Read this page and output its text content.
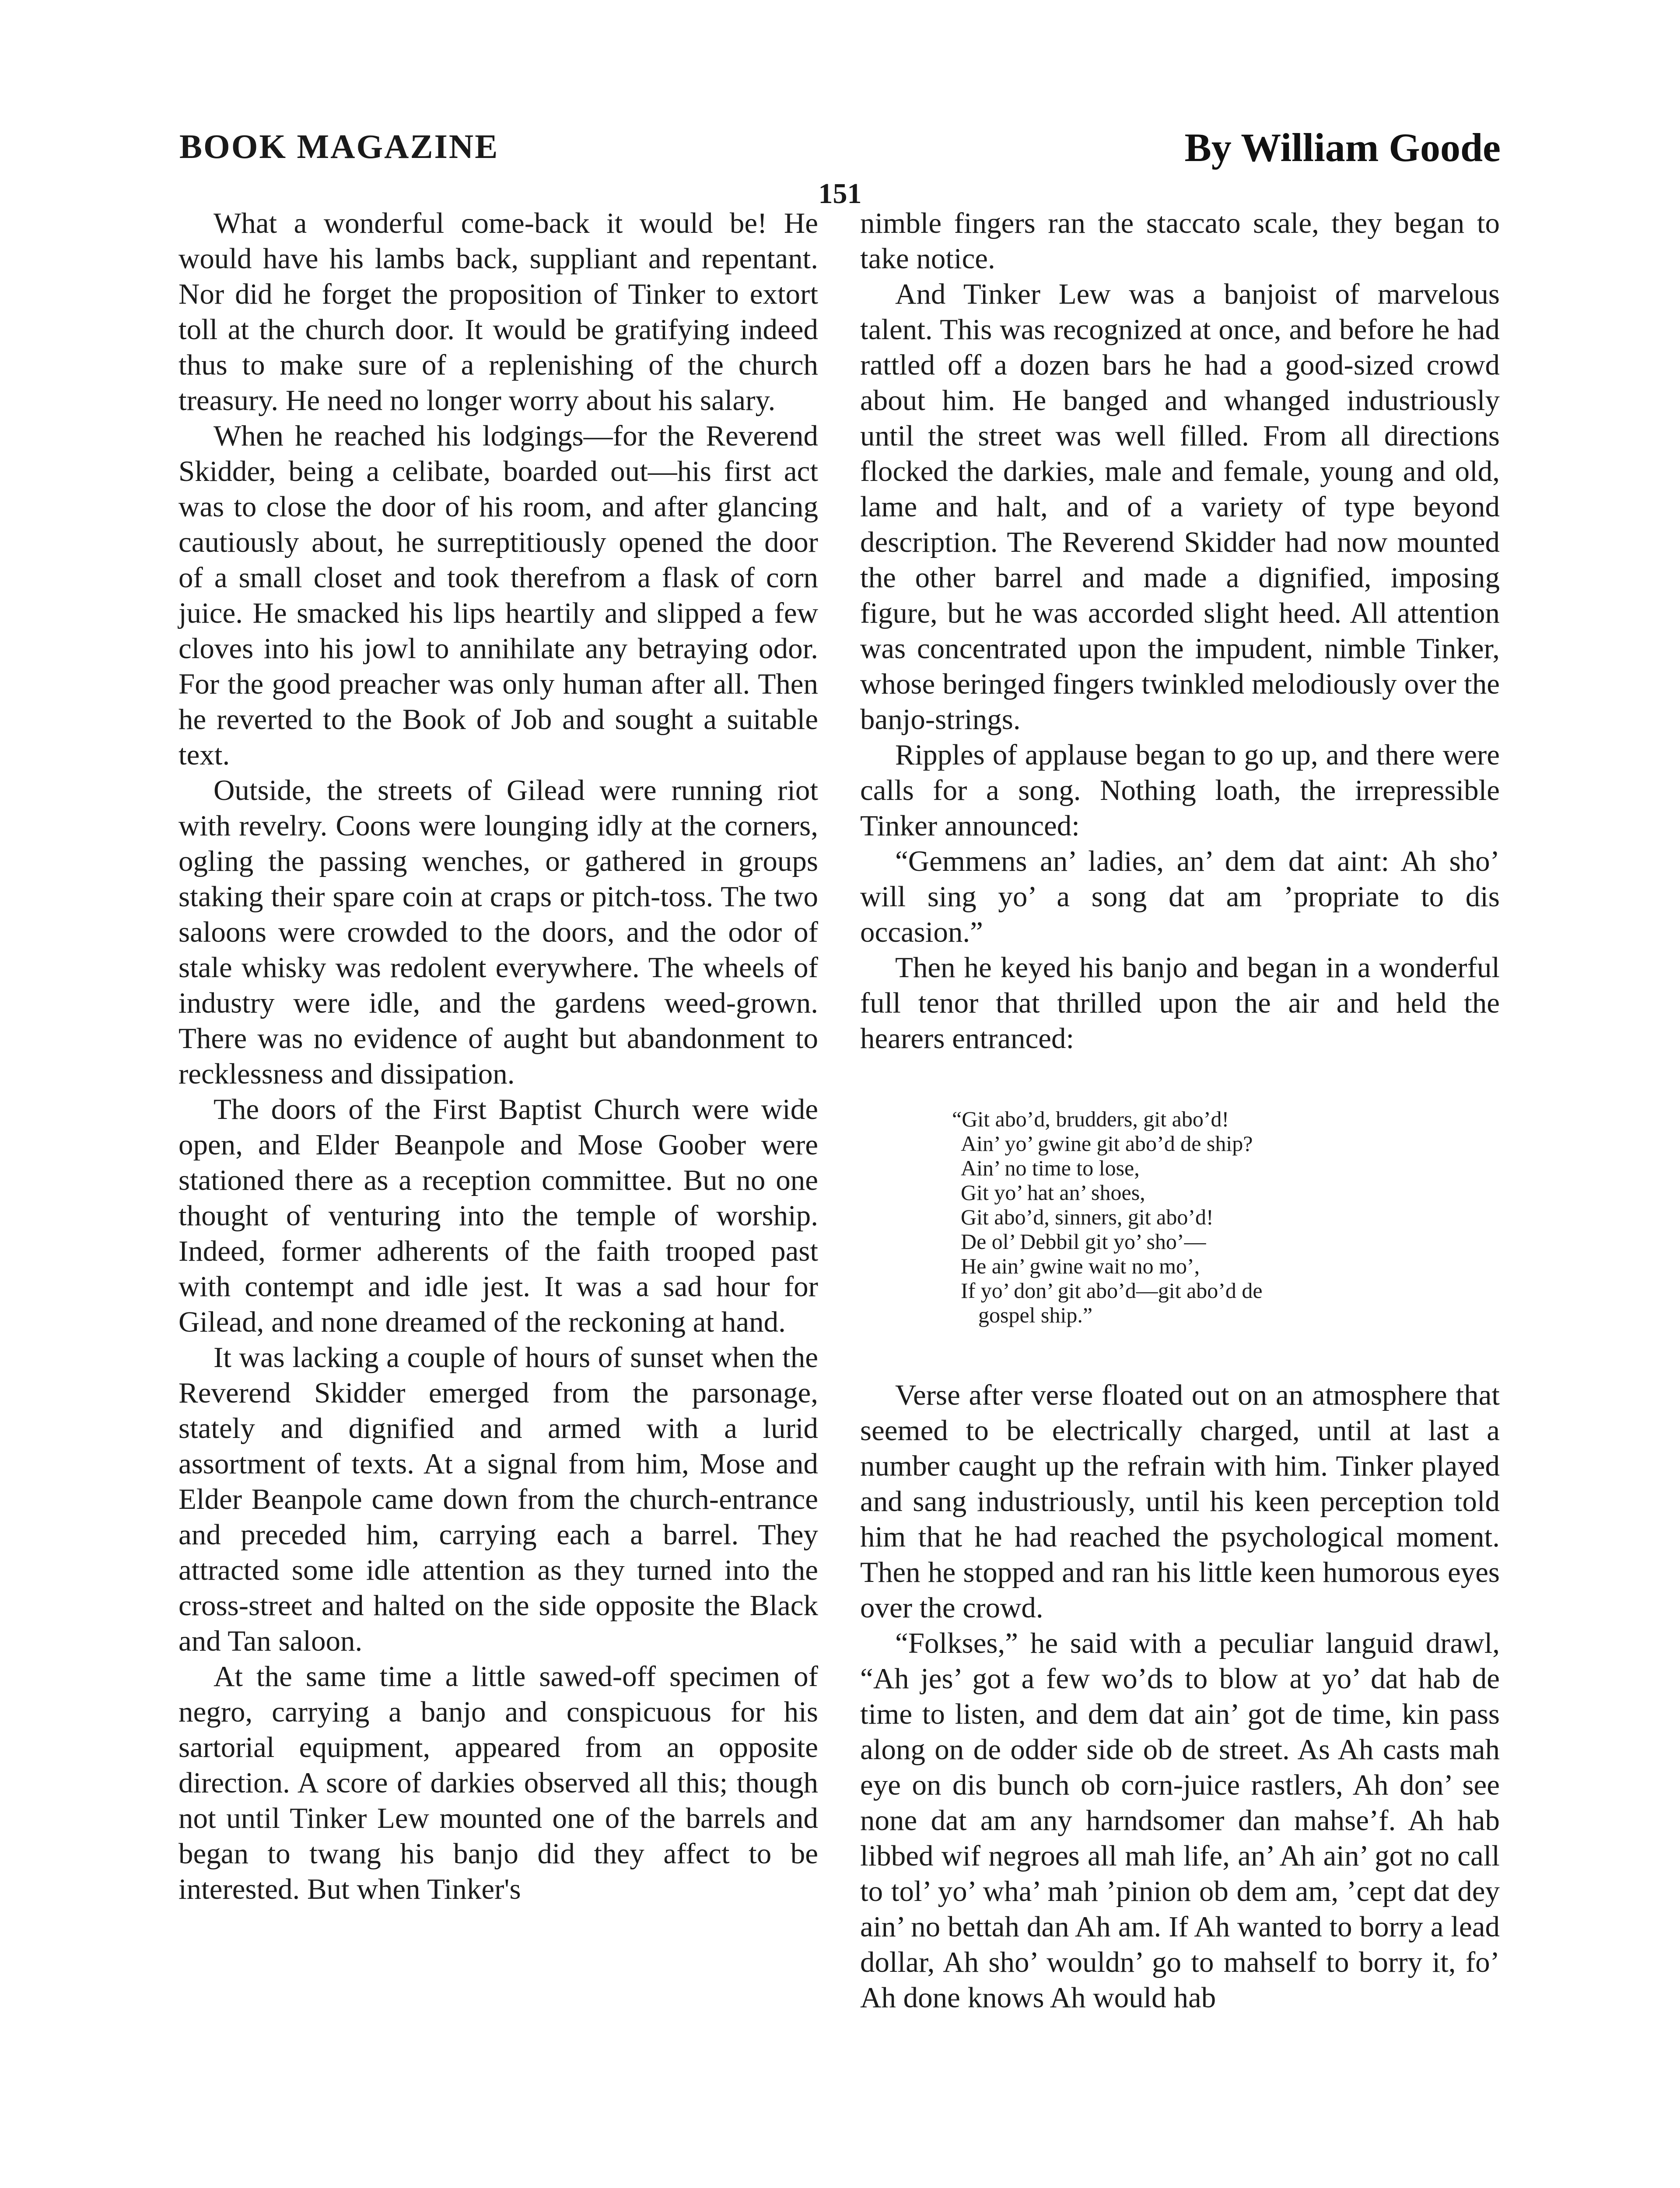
BOOK MAGAZINE	By William Goode
151

What a wonderful come-back it would be! He would have his lambs back, suppliant and repentant. Nor did he forget the proposition of Tinker to extort toll at the church door. It would be gratifying indeed thus to make sure of a replenishing of the church treasury. He need no longer worry about his salary.

When he reached his lodgings—for the Reverend Skidder, being a celibate, boarded out—his first act was to close the door of his room, and after glancing cautiously about, he surreptitiously opened the door of a small closet and took therefrom a flask of corn juice. He smacked his lips heartily and slipped a few cloves into his jowl to annihilate any betraying odor. For the good preacher was only human after all. Then he reverted to the Book of Job and sought a suitable text.

Outside, the streets of Gilead were running riot with revelry. Coons were lounging idly at the corners, ogling the passing wenches, or gathered in groups staking their spare coin at craps or pitch-toss. The two saloons were crowded to the doors, and the odor of stale whisky was redolent everywhere. The wheels of industry were idle, and the gardens weed-grown. There was no evidence of aught but abandonment to recklessness and dissipation.

The doors of the First Baptist Church were wide open, and Elder Beanpole and Mose Goober were stationed there as a reception committee. But no one thought of venturing into the temple of worship. Indeed, former adherents of the faith trooped past with contempt and idle jest. It was a sad hour for Gilead, and none dreamed of the reckoning at hand.

It was lacking a couple of hours of sunset when the Reverend Skidder emerged from the parsonage, stately and dignified and armed with a lurid assortment of texts. At a signal from him, Mose and Elder Beanpole came down from the church-entrance and preceded him, carrying each a barrel. They attracted some idle attention as they turned into the cross-street and halted on the side opposite the Black and Tan saloon.

At the same time a little sawed-off specimen of negro, carrying a banjo and conspicuous for his sartorial equipment, appeared from an opposite direction. A score of darkies observed all this; though not until Tinker Lew mounted one of the barrels and began to twang his banjo did they affect to be interested. But when Tinker's

nimble fingers ran the staccato scale, they began to take notice.

And Tinker Lew was a banjoist of marvelous talent. This was recognized at once, and before he had rattled off a dozen bars he had a good-sized crowd about him. He banged and whanged industriously until the street was well filled. From all directions flocked the darkies, male and female, young and old, lame and halt, and of a variety of type beyond description. The Reverend Skidder had now mounted the other barrel and made a dignified, imposing figure, but he was accorded slight heed. All attention was concentrated upon the impudent, nimble Tinker, whose beringed fingers twinkled melodiously over the banjo-strings.

Ripples of applause began to go up, and there were calls for a song. Nothing loath, the irrepressible Tinker announced:

“Gemmens an’ ladies, an’ dem dat aint: Ah sho’ will sing yo’ a song dat am ’propriate to dis occasion.”

Then he keyed his banjo and began in a wonderful full tenor that thrilled upon the air and held the hearers entranced:

“Git abo’d, brudders, git abo’d!
Ain’ yo’ gwine git abo’d de ship?
Ain’ no time to lose,
Git yo’ hat an’ shoes,
Git abo’d, sinners, git abo’d!
De ol’ Debbil git yo’ sho’—
He ain’ gwine wait no mo’,
If yo’ don’ git abo’d—git abo’d de
gospel ship.”

Verse after verse floated out on an atmosphere that seemed to be electrically charged, until at last a number caught up the refrain with him. Tinker played and sang industriously, until his keen perception told him that he had reached the psychological moment. Then he stopped and ran his little keen humorous eyes over the crowd.

“Folkses,” he said with a peculiar languid drawl, “Ah jes’ got a few wo’ds to blow at yo’ dat hab de time to listen, and dem dat ain’ got de time, kin pass along on de odder side ob de street. As Ah casts mah eye on dis bunch ob corn-juice rastlers, Ah don’ see none dat am any harndsomer dan mahse’f. Ah hab libbed wif negroes all mah life, an’ Ah ain’ got no call to tol’ yo’ wha’ mah ’pinion ob dem am, ’cept dat dey ain’ no bettah dan Ah am. If Ah wanted to borry a lead dollar, Ah sho’ wouldn’ go to mahself to borry it, fo’ Ah done knows Ah would hab
